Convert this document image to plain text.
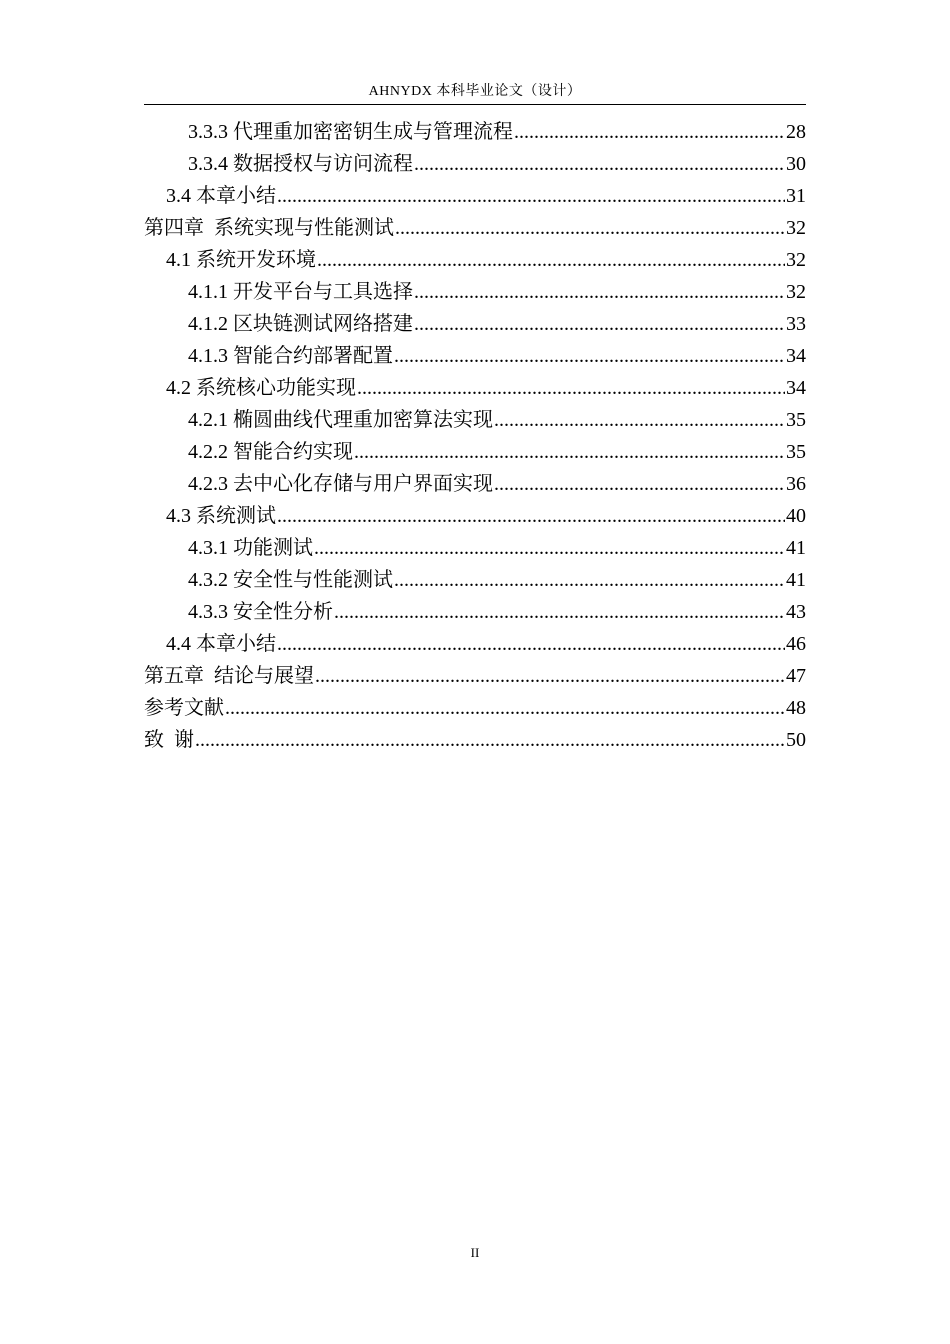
AHNYDX 本科毕业论文（设计）
3.3.3 代理重加密密钥生成与管理流程 .....	28
3.3.4 数据授权与访问流程 .....	30
3.4 本章小结 .....	31
第四章  系统实现与性能测试 .....	32
4.1 系统开发环境 .....	32
4.1.1 开发平台与工具选择 .....	32
4.1.2 区块链测试网络搭建 .....	33
4.1.3 智能合约部署配置 .....	34
4.2 系统核心功能实现 .....	34
4.2.1 椭圆曲线代理重加密算法实现 .....	35
4.2.2 智能合约实现 .....	35
4.2.3 去中心化存储与用户界面实现 .....	36
4.3 系统测试 .....	40
4.3.1 功能测试 .....	41
4.3.2 安全性与性能测试 .....	41
4.3.3 安全性分析 .....	43
4.4 本章小结 .....	46
第五章  结论与展望 .....	47
参考文献 .....	48
致  谢 .....	50
II
